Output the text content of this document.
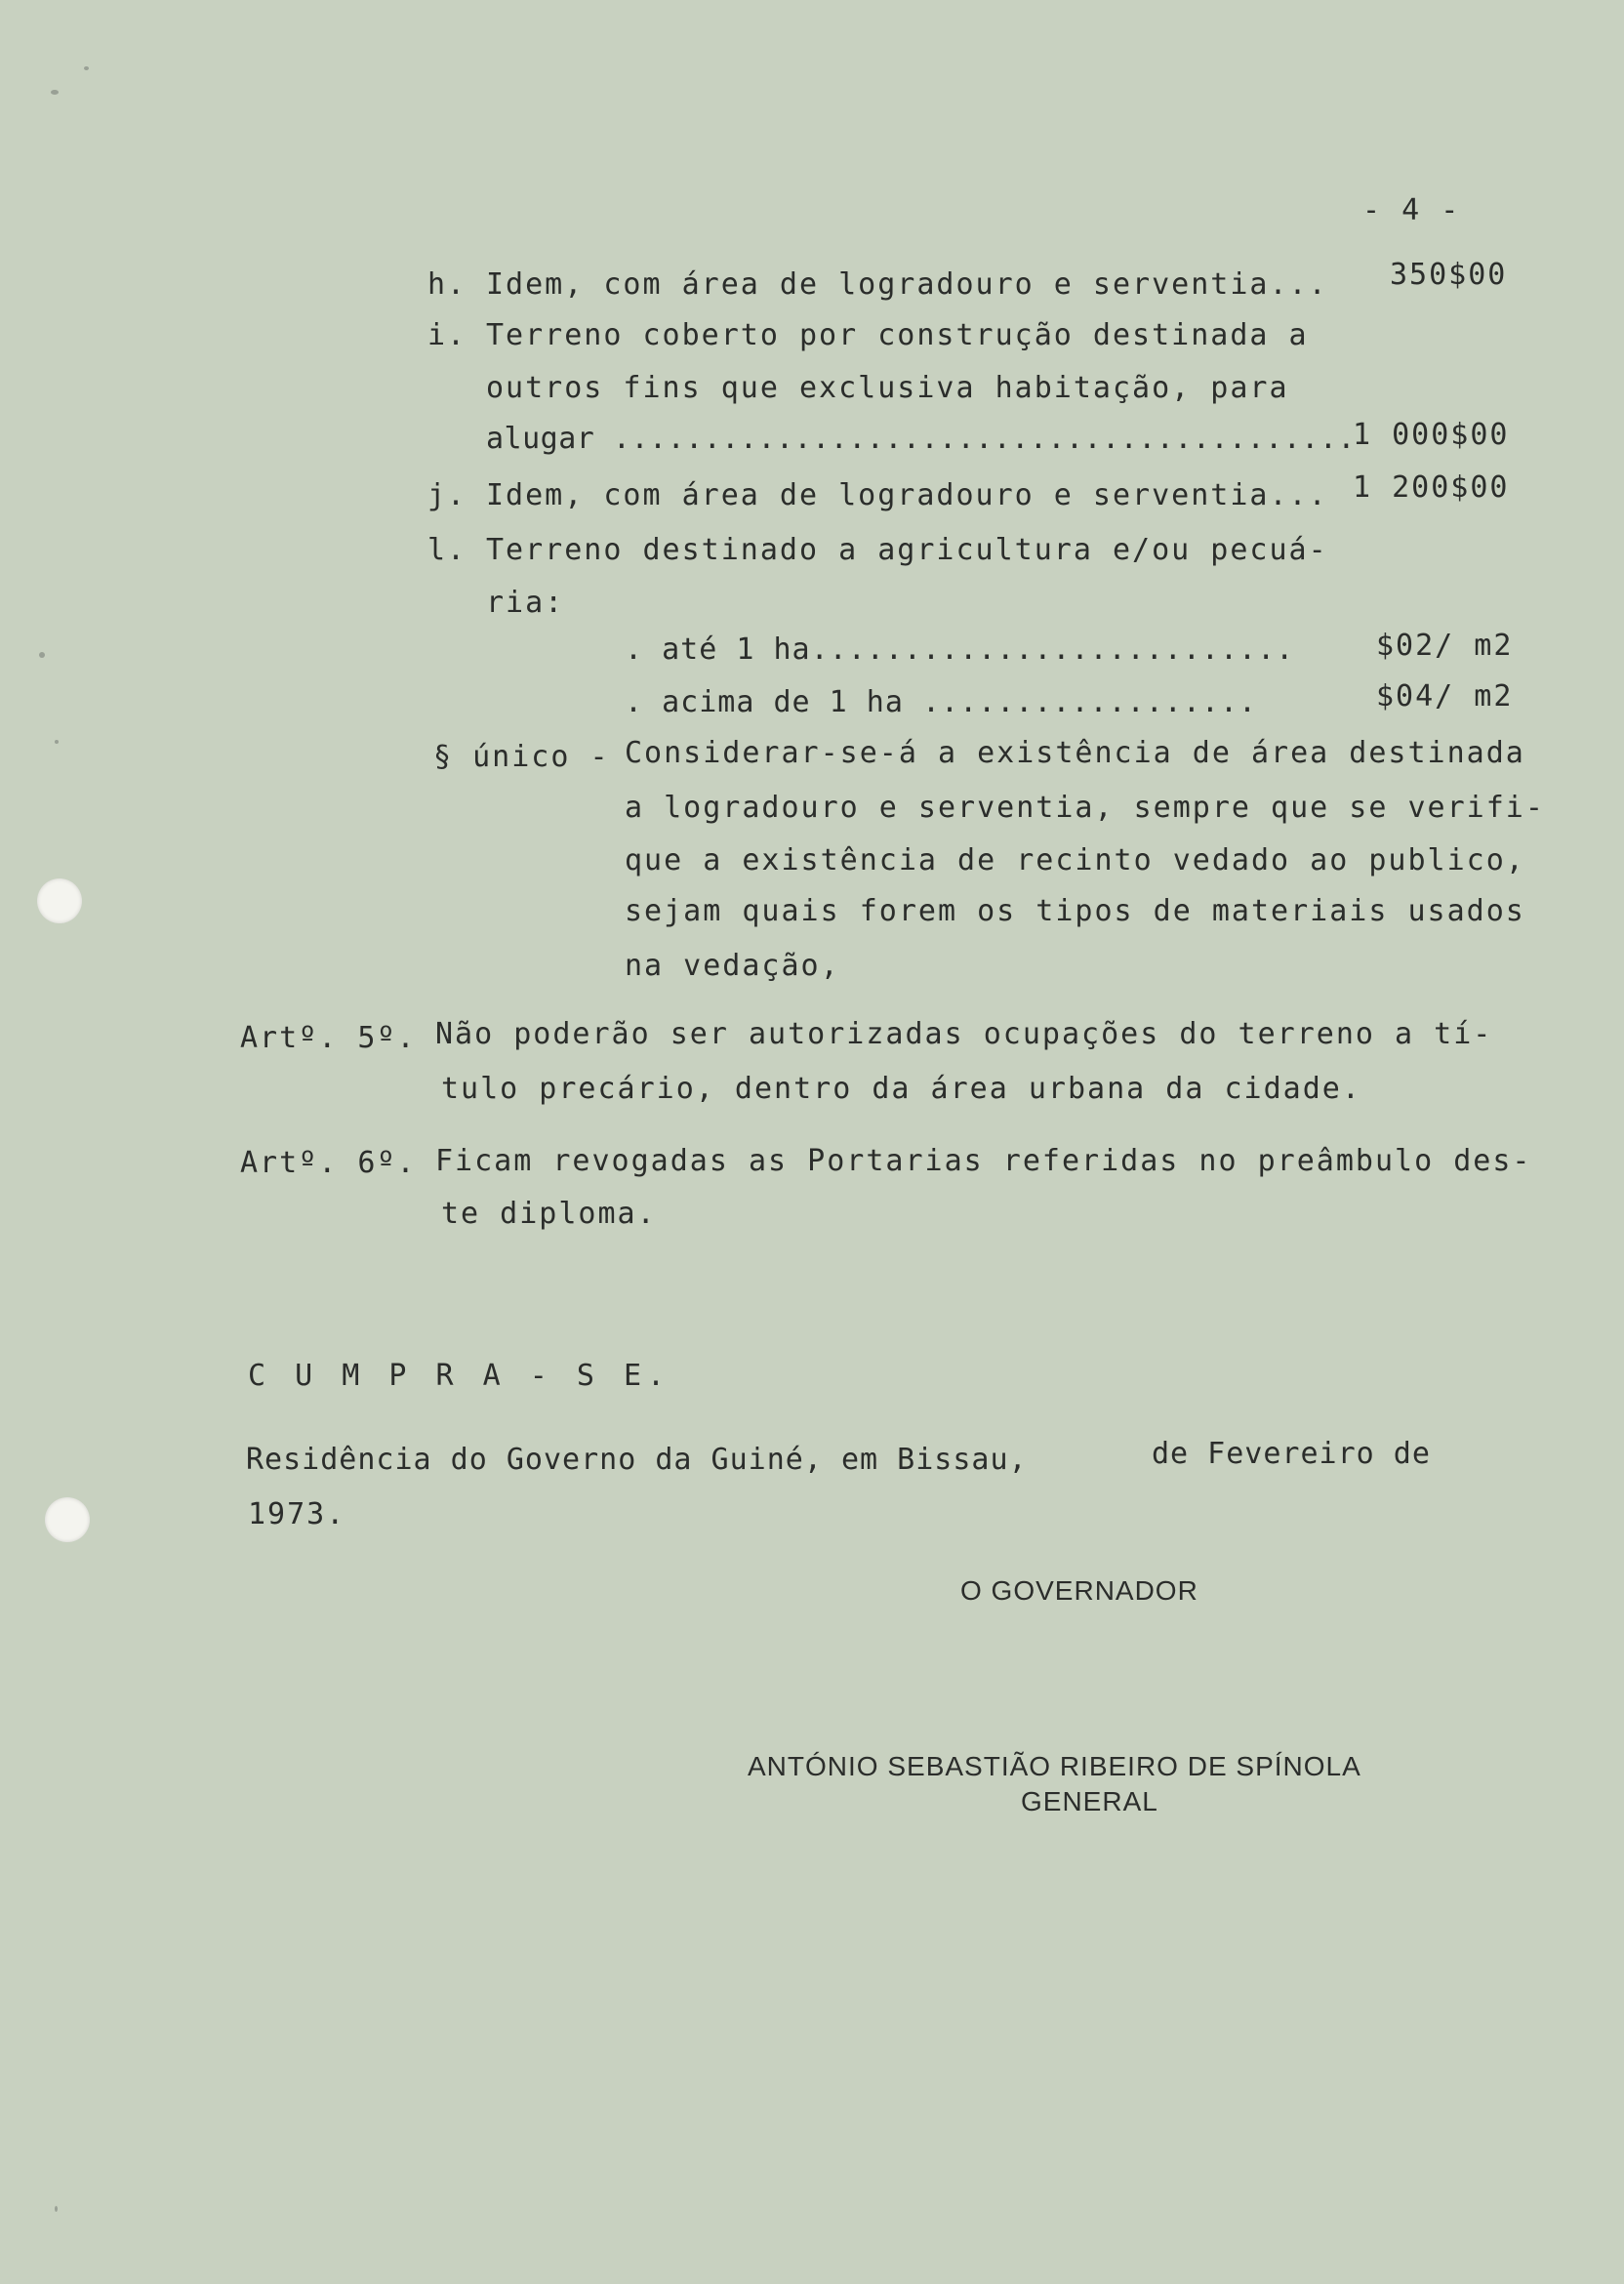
- 4 -
h. Idem, com área de logradouro e serventia... 350$00
i. Terreno coberto por construção destinada a
outros fins que exclusiva habitação, para
alugar .........................................
1 000$00
j. Idem, com área de logradouro e serventia... 1 200$00
l. Terreno destinado a agricultura e/ou pecuá-
ria:
. até 1 ha..........................	$02/ m2
. acima de 1 ha ..................	$04/ m2
§ único - Considerar-se-á a existência de área destinada
a logradouro e serventia, sempre que se verifi-
que a existência de recinto vedado ao publico,
sejam quais forem os tipos de materiais usados
na vedação,
Artº. 5º. Não poderão ser autorizadas ocupações do terreno a tí-
tulo precário, dentro da área urbana da cidade.
Artº. 6º. Ficam revogadas as Portarias referidas no preâmbulo des-
te diploma.
C U M P R A - S E.
Residência do Governo da Guiné, em Bissau,	de Fevereiro de
1973.
O GOVERNADOR
ANTÓNIO SEBASTIÃO RIBEIRO DE SPÍNOLA
GENERAL
